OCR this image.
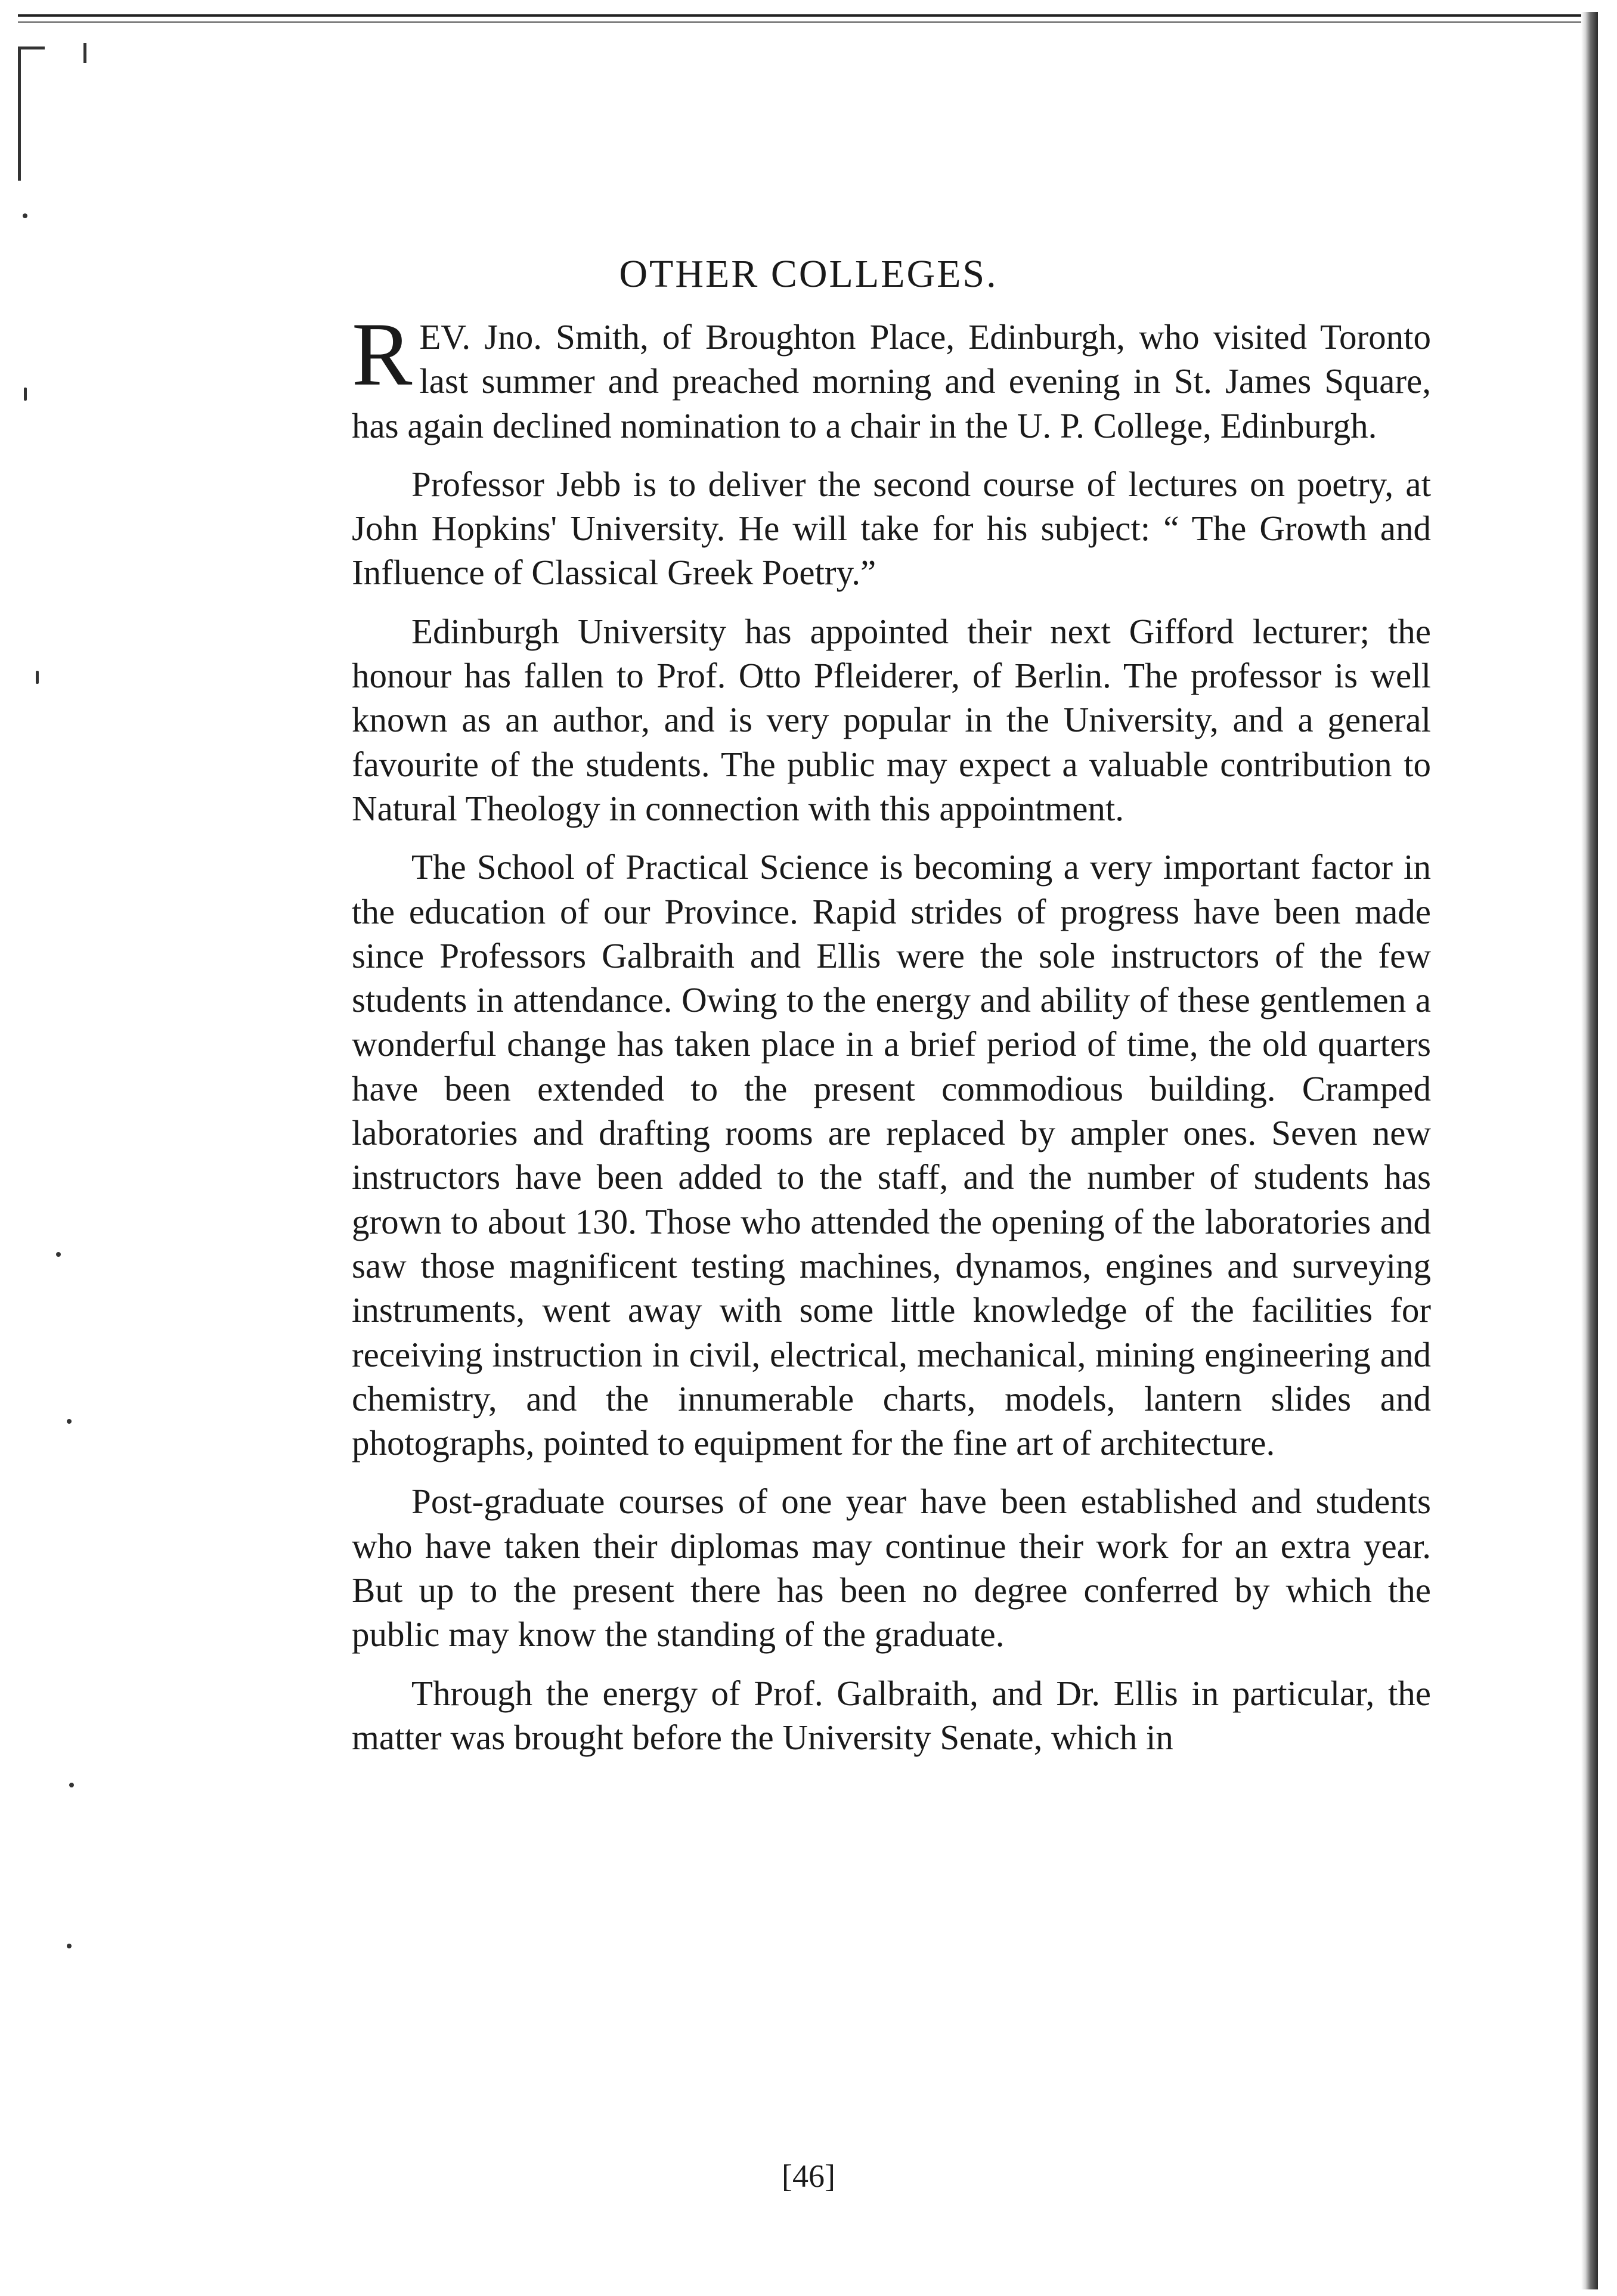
OTHER COLLEGES.

REV. Jno. Smith, of Broughton Place, Edinburgh, who visited Toronto last summer and preached morning and evening in St. James Square, has again declined nomination to a chair in the U. P. College, Edinburgh.

Professor Jebb is to deliver the second course of lectures on poetry, at John Hopkins' University. He will take for his subject: “ The Growth and Influence of Classical Greek Poetry.”

Edinburgh University has appointed their next Gifford lecturer; the honour has fallen to Prof. Otto Pfleiderer, of Berlin. The professor is well known as an author, and is very popular in the University, and a general favourite of the students. The public may expect a valuable contribution to Natural Theology in connection with this appointment.

The School of Practical Science is becoming a very important factor in the education of our Province. Rapid strides of progress have been made since Professors Galbraith and Ellis were the sole instructors of the few students in attendance. Owing to the energy and ability of these gentlemen a wonderful change has taken place in a brief period of time, the old quarters have been extended to the present commodious building. Cramped laboratories and drafting rooms are replaced by ampler ones. Seven new instructors have been added to the staff, and the number of students has grown to about 130. Those who attended the opening of the laboratories and saw those magnificent testing machines, dynamos, engines and surveying instruments, went away with some little knowledge of the facilities for receiving instruction in civil, electrical, mechanical, mining engineering and chemistry, and the innumerable charts, models, lantern slides and photographs, pointed to equipment for the fine art of architecture.

Post-graduate courses of one year have been established and students who have taken their diplomas may continue their work for an extra year. But up to the present there has been no degree conferred by which the public may know the standing of the graduate.

Through the energy of Prof. Galbraith, and Dr. Ellis in particular, the matter was brought before the University Senate, which in

[46]
